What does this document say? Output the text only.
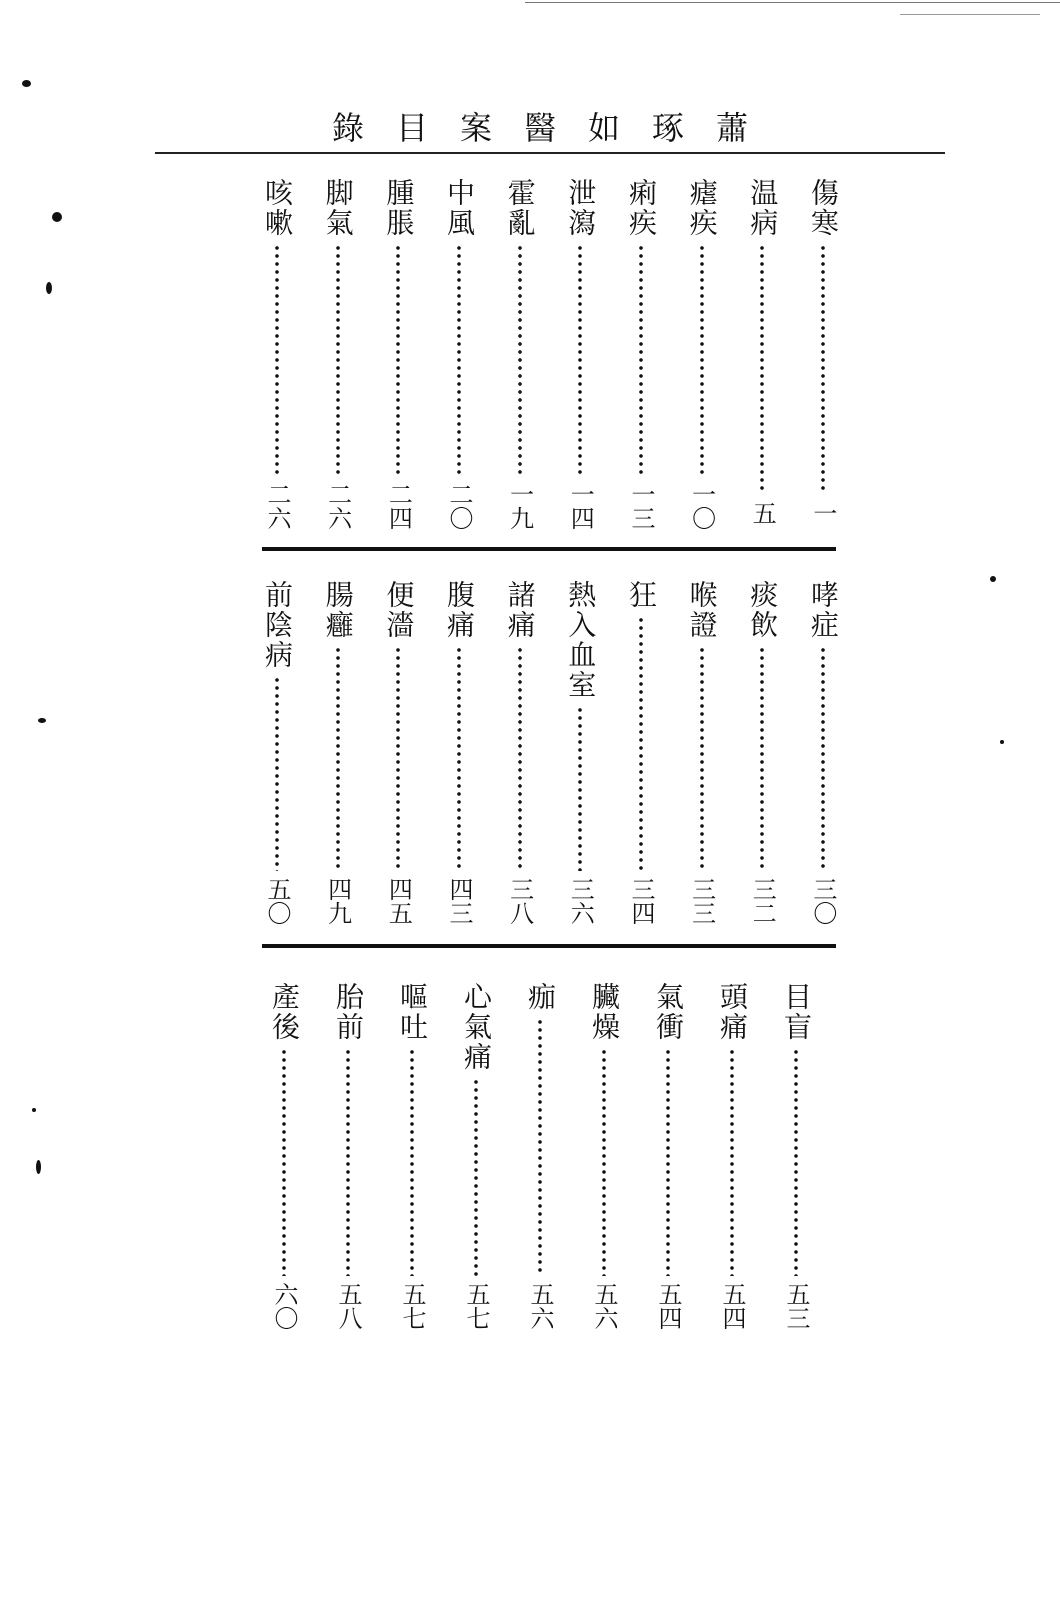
蕭
琢
如
醫
案
目
錄
傷寒
一
温病
五
瘧疾
一〇
痢疾
一三
泄瀉
一四
霍亂
一九
中風
二〇
腫脹
二四
脚氣
二六
咳嗽
二六
哮症
三〇
痰飲
三二
喉證
三三
狂
三四
熱入血室
三六
諸痛
三八
腹痛
四三
便濇
四五
腸癰
四九
前陰病
五〇
目盲
五三
頭痛
五四
氣衝
五四
臟燥
五六
痂
五六
心氣痛
五七
嘔吐
五七
胎前
五八
產後
六〇
